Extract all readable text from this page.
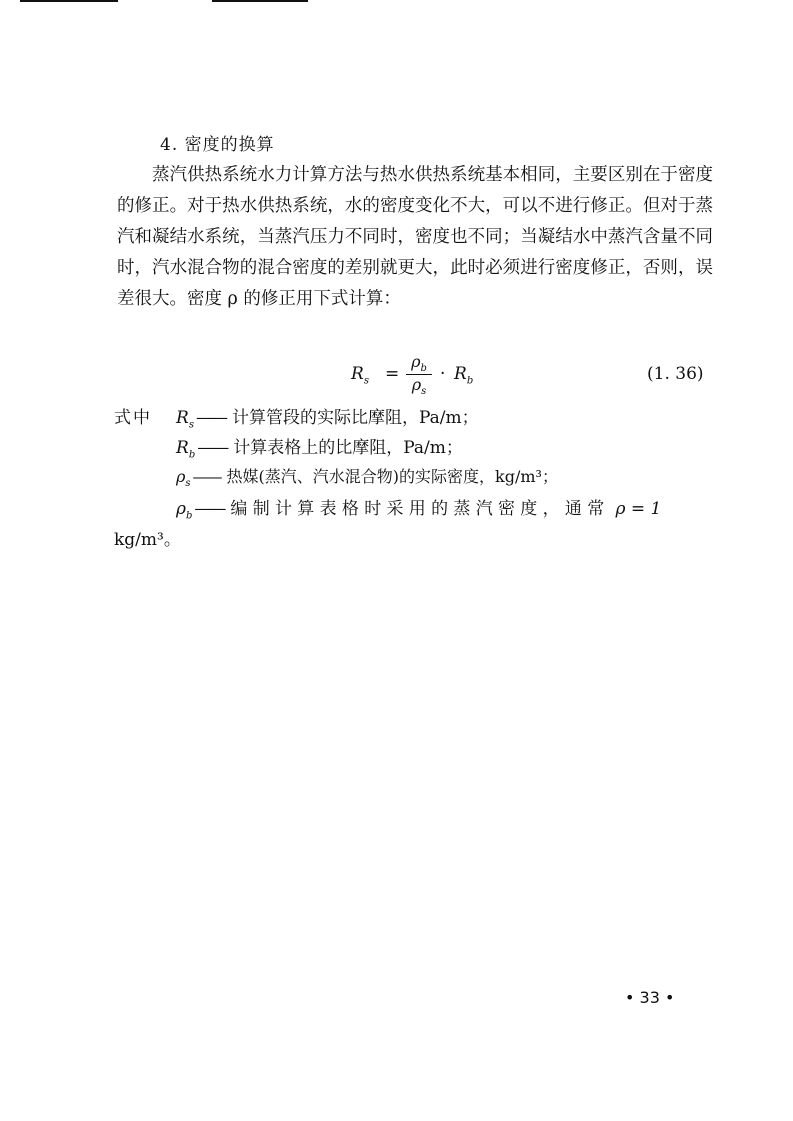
4. 密度的换算

蒸汽供热系统水力计算方法与热水供热系统基本相同，主要区别在于密度的修正。对于热水供热系统，水的密度变化不大，可以不进行修正。但对于蒸汽和凝结水系统，当蒸汽压力不同时，密度也不同；当凝结水中蒸汽含量不同时，汽水混合物的混合密度的差别就更大，此时必须进行密度修正，否则，误差很大。密度 ρ 的修正用下式计算：

$R_s = \frac{\rho_b}{\rho_s} \cdot R_b$	(1. 36)
式中 $R_s$ —— 计算管段的实际比摩阻，Pa/m；
$R_b$ —— 计算表格上的比摩阻，Pa/m；
$\rho_s$ —— 热媒(蒸汽、汽水混合物)的实际密度，kg/m³；
$\rho_b$ —— 编制计算表格时采用的蒸汽密度，通常 ρ = 1
kg/m³。
• 33 •
